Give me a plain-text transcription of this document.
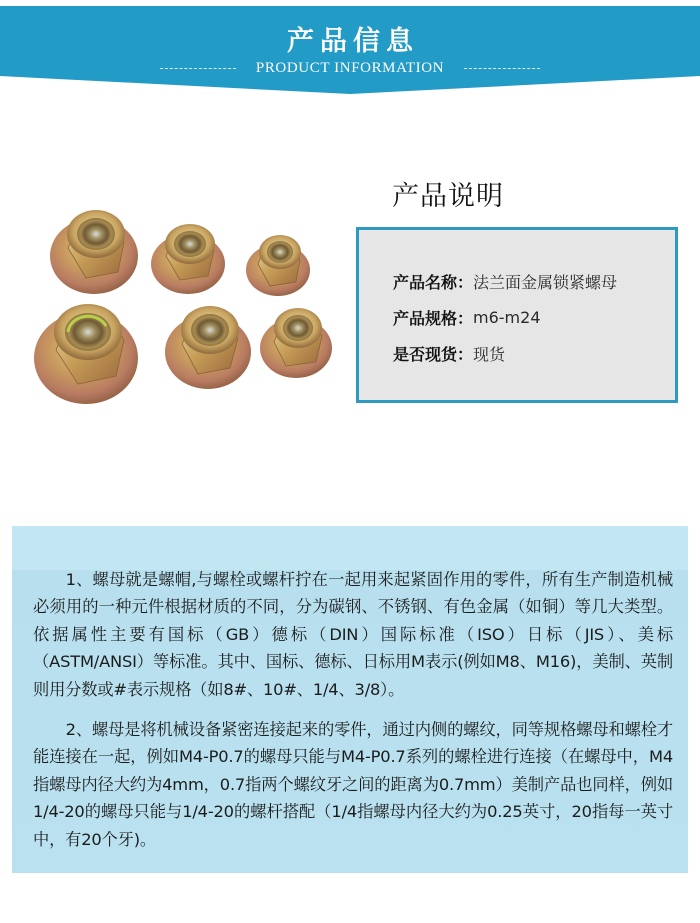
产品信息
PRODUCT INFORMATION
产品说明
产品名称： 法兰面金属锁紧螺母
产品规格： m6-m24
是否现货： 现货

1、螺母就是螺帽,与螺栓或螺杆拧在一起用来起紧固作用的零件，所有生产制造机械必须用的一种元件根据材质的不同，分为碳钢、不锈钢、有色金属（如铜）等几大类型。依据属性主要有国标（GB）德标（DIN）国际标准（ISO）日标（JIS）、美标（ASTM/ANSI）等标准。其中、国标、德标、日标用M表示(例如M8、M16)，美制、英制则用分数或#表示规格（如8#、10#、1/4、3/8）。

2、螺母是将机械设备紧密连接起来的零件，通过内侧的螺纹，同等规格螺母和螺栓才能连接在一起，例如M4-P0.7的螺母只能与M4-P0.7系列的螺栓进行连接（在螺母中，M4指螺母内径大约为4mm，0.7指两个螺纹牙之间的距离为0.7mm）美制产品也同样，例如1/4-20的螺母只能与1/4-20的螺杆搭配（1/4指螺母内径大约为0.25英寸，20指每一英寸中，有20个牙)。
